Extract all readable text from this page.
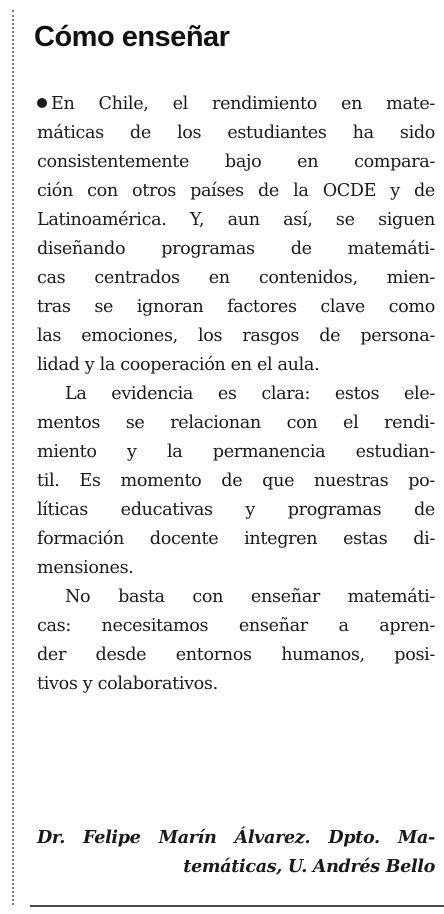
Cómo enseñar
En Chile, el rendimiento en mate-
máticas de los estudiantes ha sido
consistentemente bajo en compara-
ción con otros países de la OCDE y de
Latinoamérica. Y, aun así, se siguen
diseñando programas de matemáti-
cas centrados en contenidos, mien-
tras se ignoran factores clave como
las emociones, los rasgos de persona-
lidad y la cooperación en el aula.
La evidencia es clara: estos ele-
mentos se relacionan con el rendi-
miento y la permanencia estudian-
til. Es momento de que nuestras po-
líticas educativas y programas de
formación docente integren estas di-
mensiones.
No basta con enseñar matemáti-
cas: necesitamos enseñar a apren-
der desde entornos humanos, posi-
tivos y colaborativos.
Dr. Felipe Marín Álvarez. Dpto. Ma-
temáticas, U. Andrés Bello
